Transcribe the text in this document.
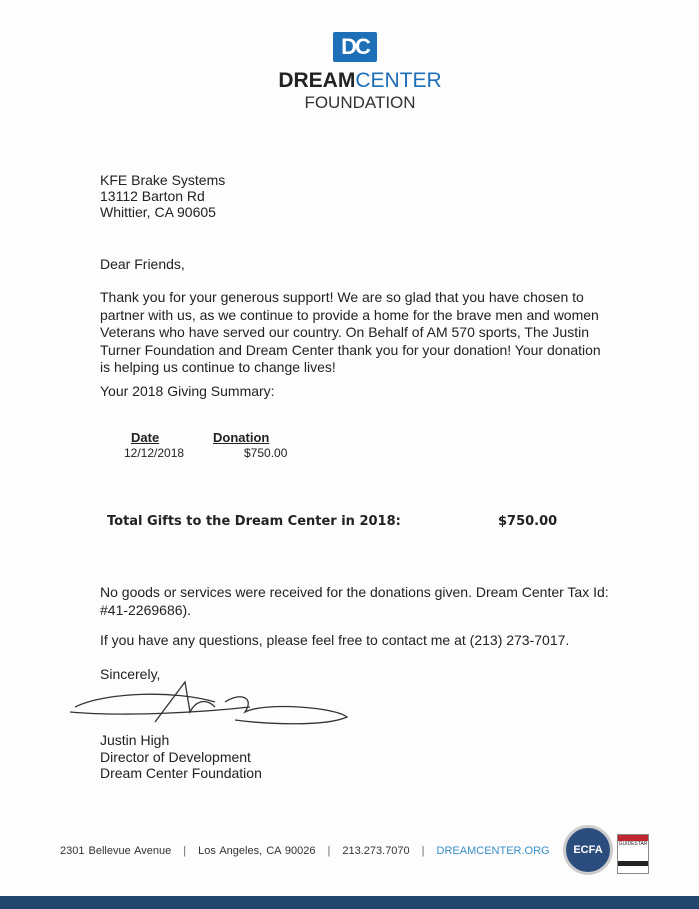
DC
DREAMCENTER
FOUNDATION
KFE Brake Systems
13112 Barton Rd
Whittier, CA 90605
Dear Friends,
Thank you for your generous support! We are so glad that you have chosen to partner with us, as we continue to provide a home for the brave men and women Veterans who have served our country. On Behalf of AM 570 sports, The Justin Turner Foundation and Dream Center thank you for your donation! Your donation is helping us continue to change lives!
Your 2018 Giving Summary:
Date	Donation
12/12/2018	$750.00
Total Gifts to the Dream Center in 2018:	$750.00
No goods or services were received for the donations given. Dream Center Tax Id: #41-2269686).
If you have any questions, please feel free to contact me at (213) 273-7017.
Sincerely,
Justin High
Director of Development
Dream Center Foundation
2301 Bellevue Avenue | Los Angeles, CA 90026 | 213.273.7070 | DREAMCENTER.ORG	ECFA	GUIDESTAR
